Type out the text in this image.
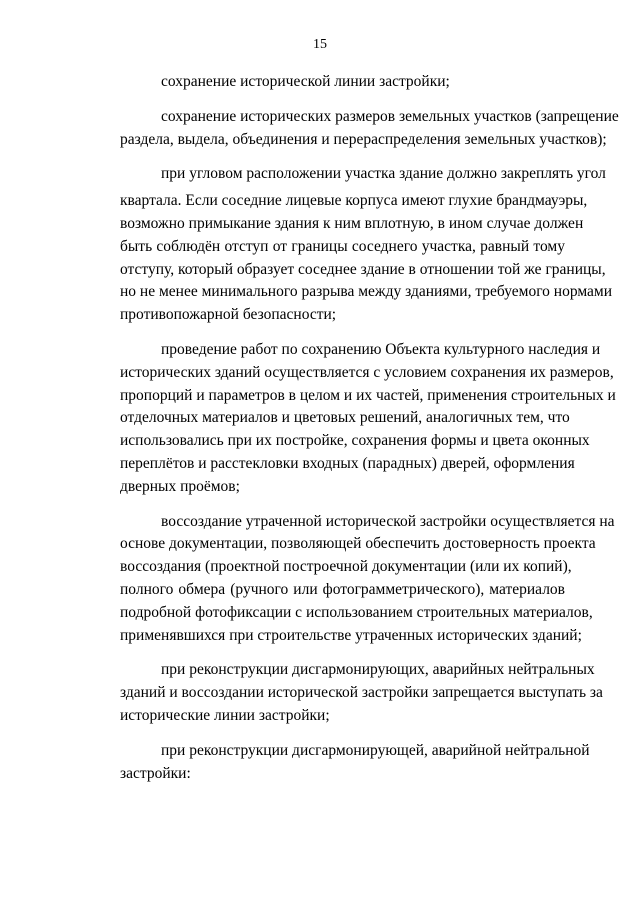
15
сохранение исторической линии застройки;
сохранение исторических размеров земельных участков (запрещение
раздела, выдела, объединения и перераспределения земельных участков);
при угловом расположении участка здание должно закреплять угол
квартала. Если соседние лицевые корпуса имеют глухие брандмауэры,
возможно примыкание здания к ним вплотную, в ином случае должен
быть соблюдён отступ от границы соседнего участка, равный тому
отступу, который образует соседнее здание в отношении той же границы,
но не менее минимального разрыва между зданиями, требуемого нормами
противопожарной безопасности;
проведение работ по сохранению Объекта культурного наследия и
исторических зданий осуществляется с условием сохранения их размеров,
пропорций и параметров в целом и их частей, применения строительных и
отделочных материалов и цветовых решений, аналогичных тем, что
использовались при их постройке, сохранения формы и цвета оконных
переплётов и расстекловки входных (парадных) дверей, оформления
дверных проёмов;
воссоздание утраченной исторической застройки осуществляется на
основе документации, позволяющей обеспечить достоверность проекта
воссоздания (проектной построечной документации (или их копий),
полного обмера (ручного или фотограмметрического), материалов
подробной фотофиксации с использованием строительных материалов,
применявшихся при строительстве утраченных исторических зданий;
при реконструкции дисгармонирующих, аварийных нейтральных
зданий и воссоздании исторической застройки запрещается выступать за
исторические линии застройки;
при реконструкции дисгармонирующей, аварийной нейтральной
застройки:
